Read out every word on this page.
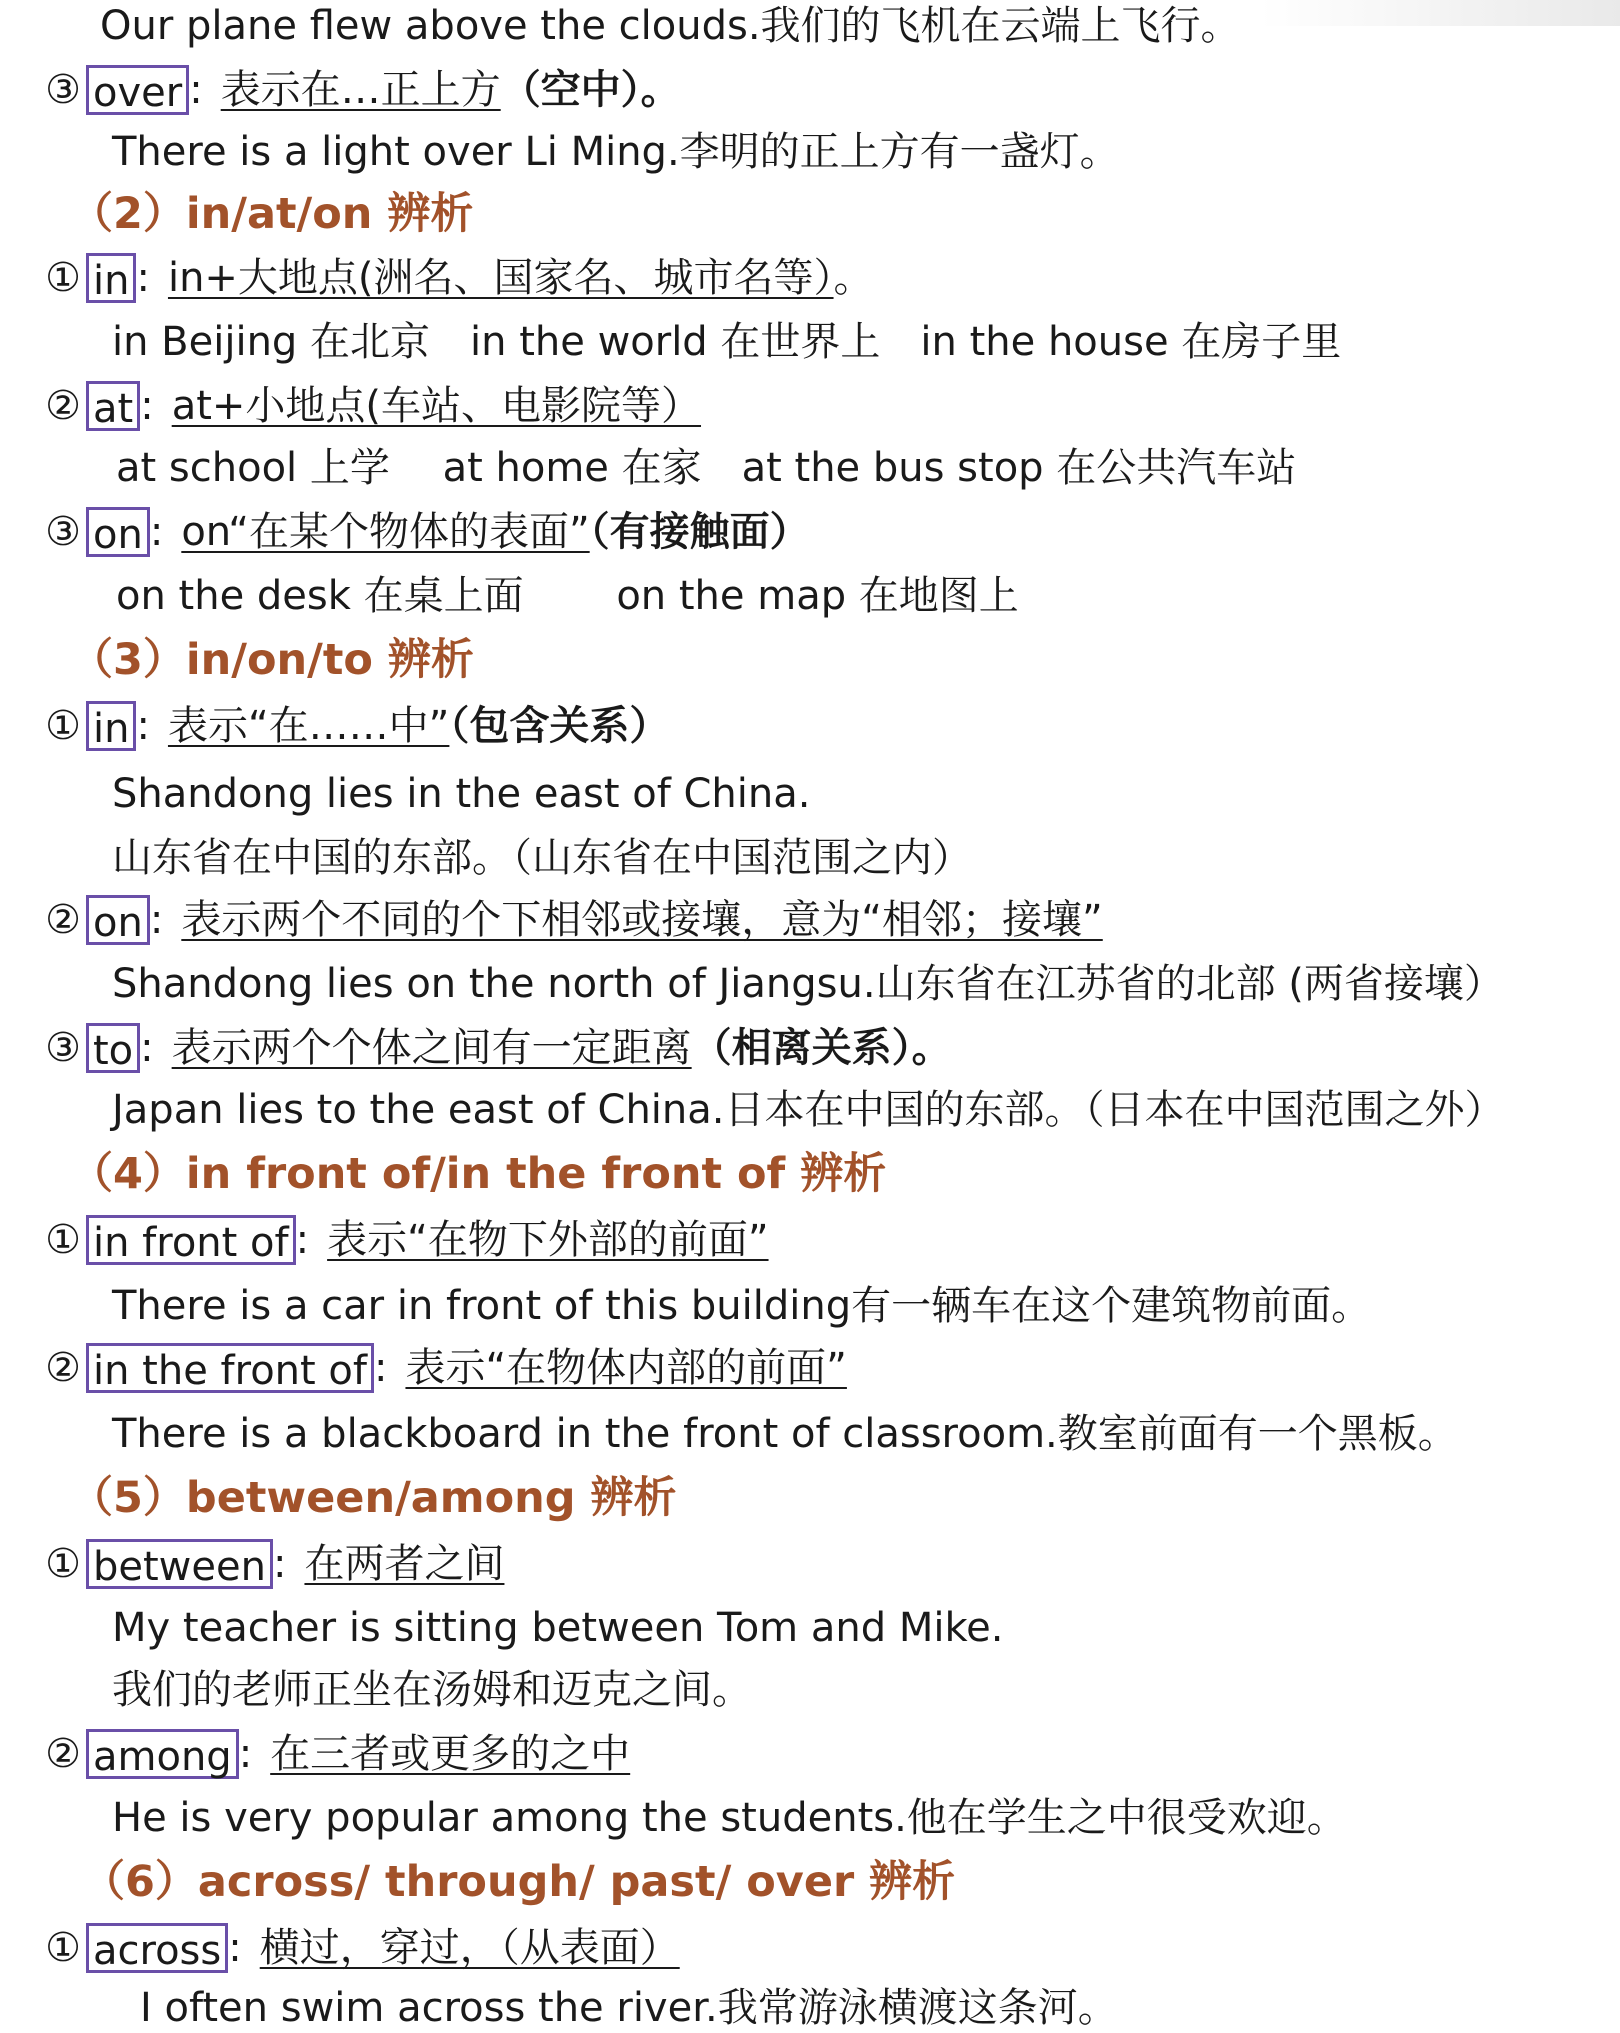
Our plane flew above the clouds.我们的飞机在云端上飞行。
③ over : 表示在…正上方（空中）。
There is a light over Li Ming.李明的正上方有一盏灯。
（2）in/at/on 辨析
① in : in+大地点(洲名、国家名、城市名等）。
in Beijing 在北京　in the world 在世界上　in the house 在房子里
② at : at+小地点(车站、电影院等）
at school 上学　 at home 在家　at the bus stop 在公共汽车站
③ on : on“在某个物体的表面”（有接触面）
on the desk 在桌上面　　 on the map 在地图上
（3）in/on/to 辨析
① in : 表示“在……中”（包含关系）
Shandong lies in the east of China.
山东省在中国的东部。（山东省在中国范围之内）
② on : 表示两个不同的个下相邻或接壤，意为“相邻；接壤”
Shandong lies on the north of Jiangsu.山东省在江苏省的北部 (两省接壤）
③ to : 表示两个个体之间有一定距离（相离关系）。
Japan lies to the east of China.日本在中国的东部。（日本在中国范围之外）
（4）in front of/in the front of 辨析
① in front of : 表示“在物下外部的前面”
There is a car in front of this building有一辆车在这个建筑物前面。
② in the front of : 表示“在物体内部的前面”
There is a blackboard in the front of classroom.教室前面有一个黑板。
（5）between/among 辨析
① between : 在两者之间
My teacher is sitting between Tom and Mike.
我们的老师正坐在汤姆和迈克之间。
② among : 在三者或更多的之中
He is very popular among the students.他在学生之中很受欢迎。
（6）across/ through/ past/ over 辨析
① across : 横过，穿过，（从表面）
I often swim across the river.我常游泳横渡这条河。
